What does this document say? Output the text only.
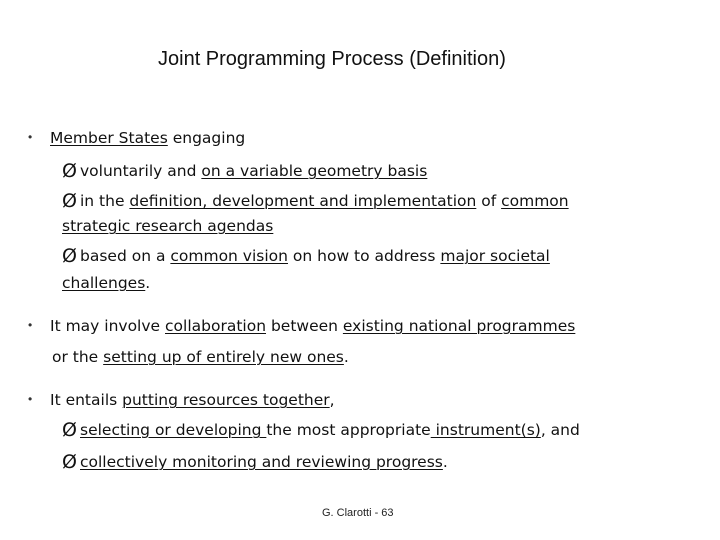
Joint Programming Process (Definition)
• Member States engaging
Ø voluntarily and on a variable geometry basis
Ø in the definition, development and implementation of common
strategic research agendas
Ø based on a common vision on how to address major societal
challenges.
• It may involve collaboration between existing national programmes
or the setting up of entirely new ones.
• It entails putting resources together,
Ø selecting or developing the most appropriate instrument(s), and
Ø collectively monitoring and reviewing progress.
G. Clarotti - 63
